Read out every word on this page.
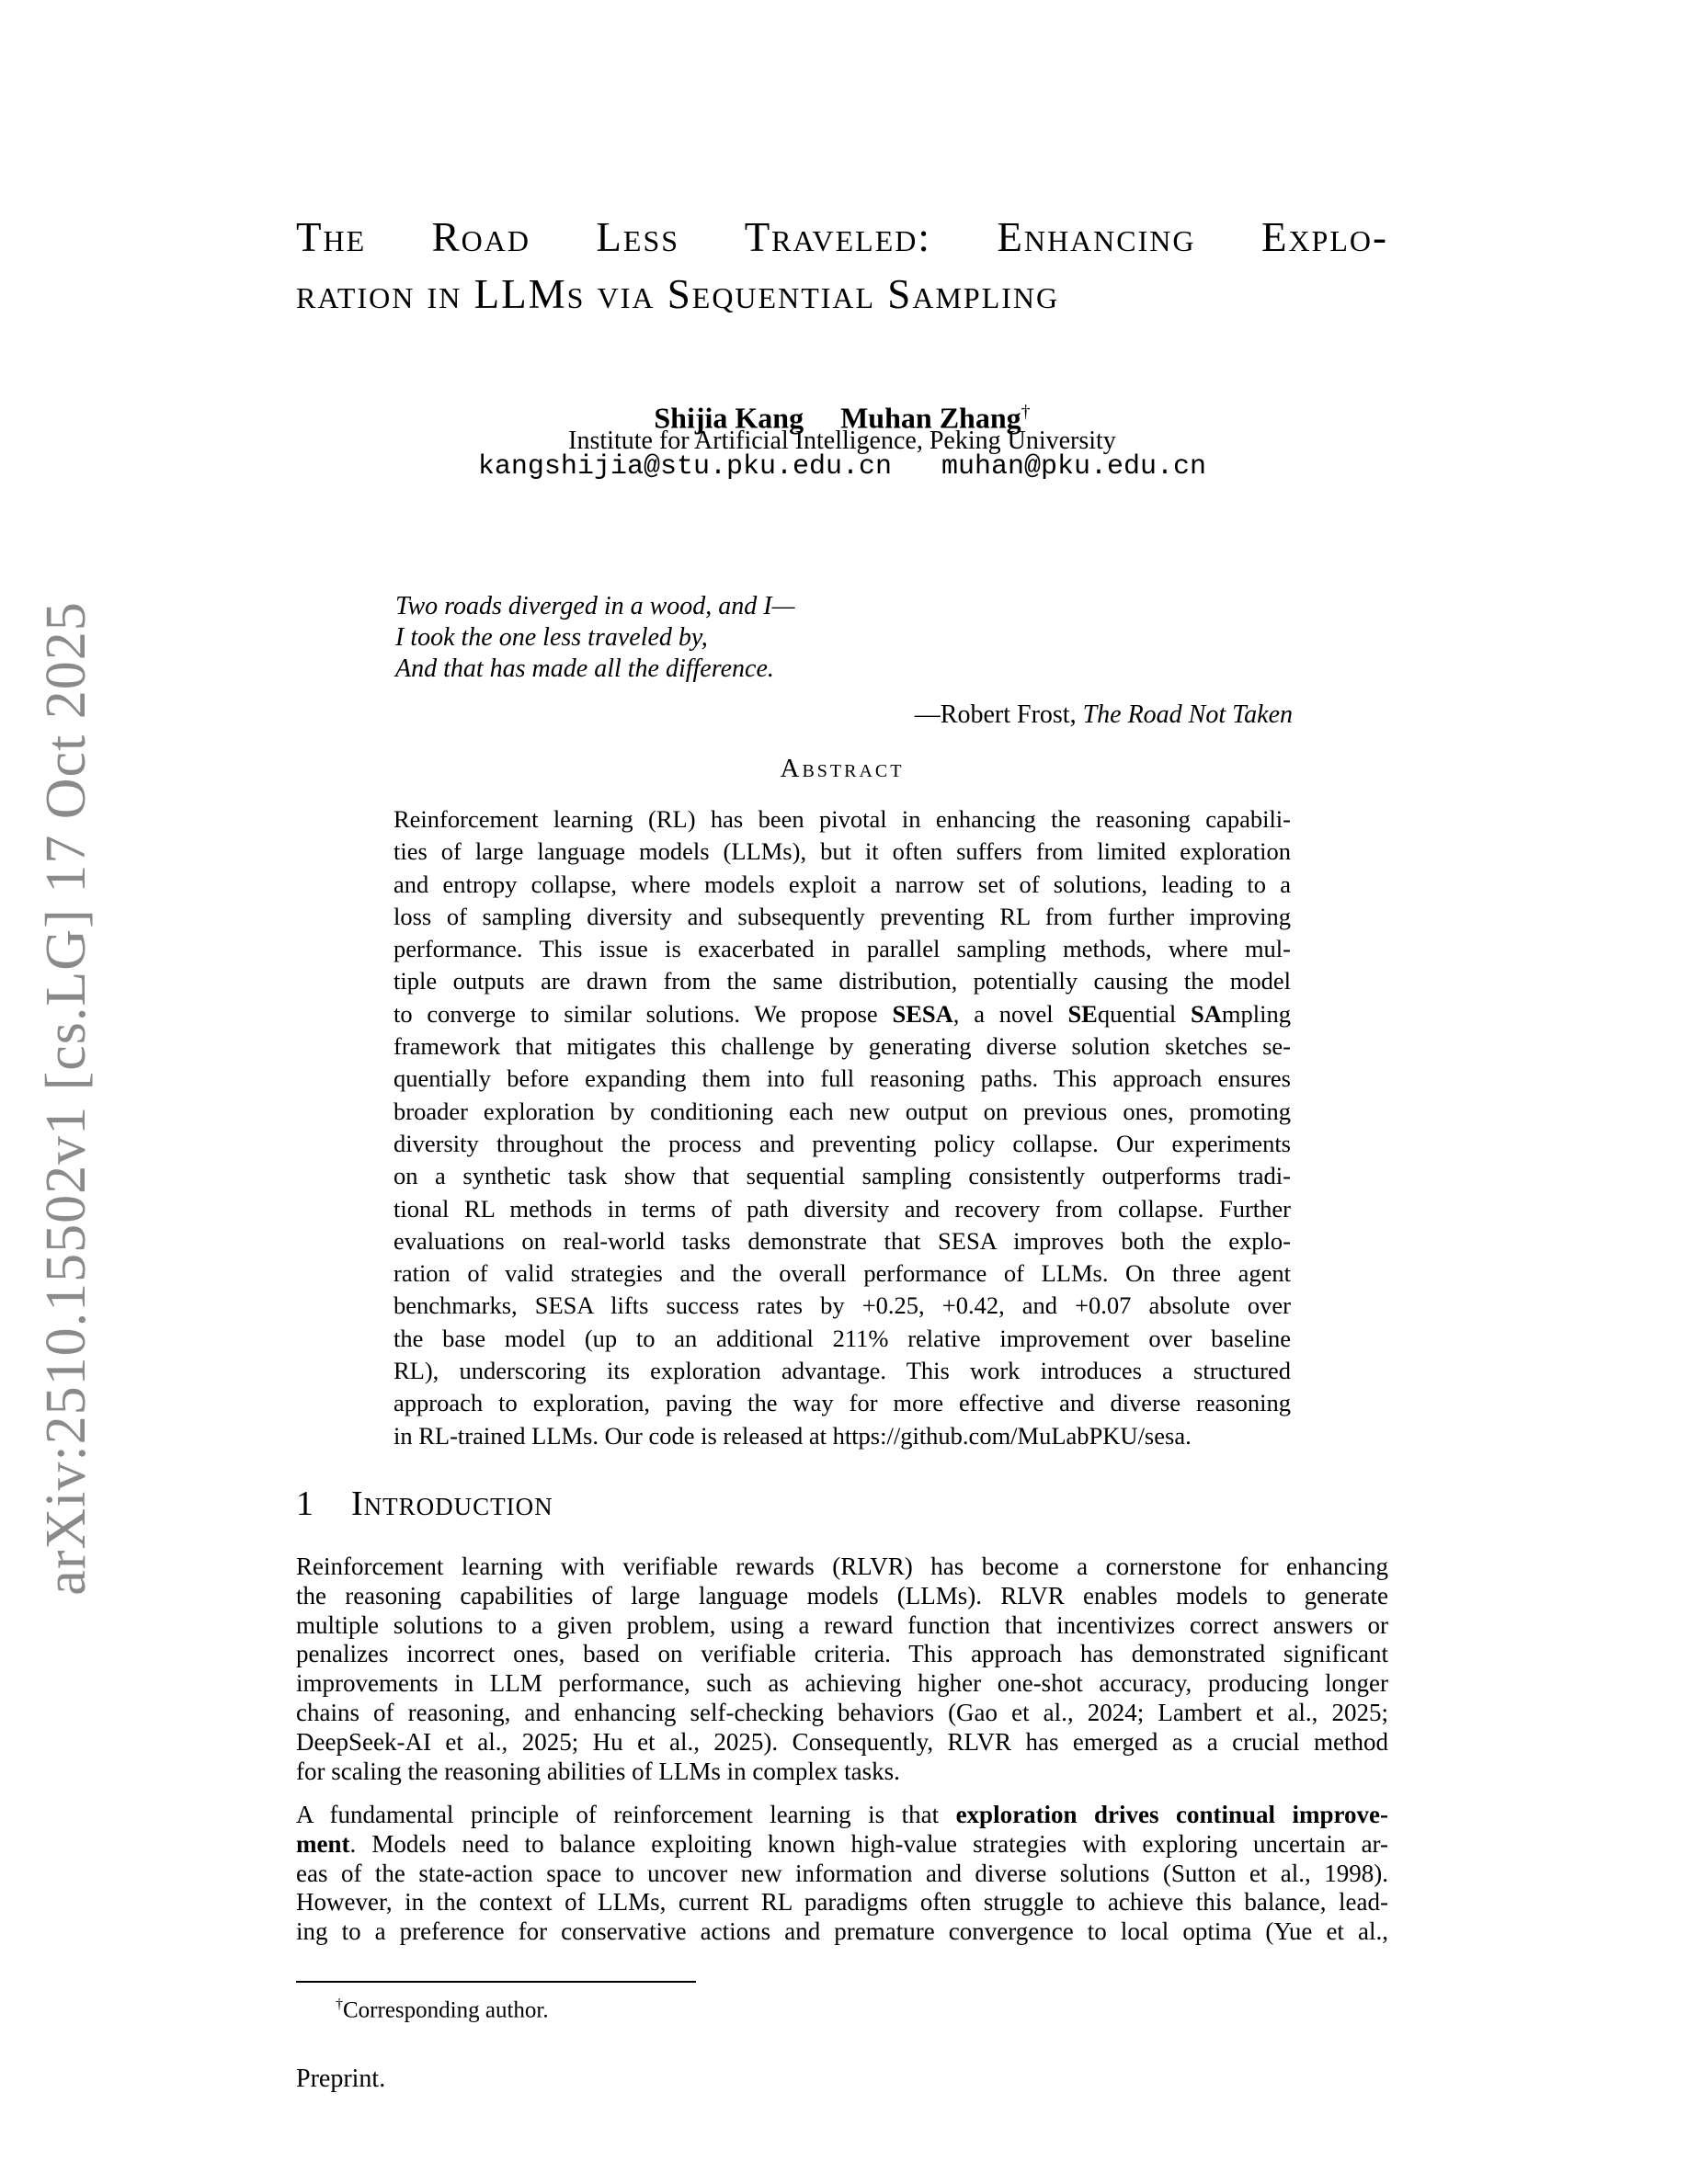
arXiv:2510.15502v1 [cs.LG] 17 Oct 2025
The Road Less Traveled: Enhancing Explo-
ration in LLMs via Sequential Sampling
Shijia Kang     Muhan Zhang†
Institute for Artificial Intelligence, Peking University
kangshijia@stu.pku.edu.cn   muhan@pku.edu.cn
Two roads diverged in a wood, and I—
I took the one less traveled by,
And that has made all the difference.
—Robert Frost, The Road Not Taken
Abstract
Reinforcement learning (RL) has been pivotal in enhancing the reasoning capabili-
ties of large language models (LLMs), but it often suffers from limited exploration
and entropy collapse, where models exploit a narrow set of solutions, leading to a
loss of sampling diversity and subsequently preventing RL from further improving
performance. This issue is exacerbated in parallel sampling methods, where mul-
tiple outputs are drawn from the same distribution, potentially causing the model
to converge to similar solutions. We propose SESA, a novel SEquential SAmpling
framework that mitigates this challenge by generating diverse solution sketches se-
quentially before expanding them into full reasoning paths. This approach ensures
broader exploration by conditioning each new output on previous ones, promoting
diversity throughout the process and preventing policy collapse. Our experiments
on a synthetic task show that sequential sampling consistently outperforms tradi-
tional RL methods in terms of path diversity and recovery from collapse. Further
evaluations on real-world tasks demonstrate that SESA improves both the explo-
ration of valid strategies and the overall performance of LLMs. On three agent
benchmarks, SESA lifts success rates by +0.25, +0.42, and +0.07 absolute over
the base model (up to an additional 211% relative improvement over baseline
RL), underscoring its exploration advantage. This work introduces a structured
approach to exploration, paving the way for more effective and diverse reasoning
in RL-trained LLMs. Our code is released at https://github.com/MuLabPKU/sesa.
1 Introduction
Reinforcement learning with verifiable rewards (RLVR) has become a cornerstone for enhancing
the reasoning capabilities of large language models (LLMs). RLVR enables models to generate
multiple solutions to a given problem, using a reward function that incentivizes correct answers or
penalizes incorrect ones, based on verifiable criteria. This approach has demonstrated significant
improvements in LLM performance, such as achieving higher one-shot accuracy, producing longer
chains of reasoning, and enhancing self-checking behaviors (Gao et al., 2024; Lambert et al., 2025;
DeepSeek-AI et al., 2025; Hu et al., 2025). Consequently, RLVR has emerged as a crucial method
for scaling the reasoning abilities of LLMs in complex tasks.
A fundamental principle of reinforcement learning is that exploration drives continual improve-
ment. Models need to balance exploiting known high-value strategies with exploring uncertain ar-
eas of the state-action space to uncover new information and diverse solutions (Sutton et al., 1998).
However, in the context of LLMs, current RL paradigms often struggle to achieve this balance, lead-
ing to a preference for conservative actions and premature convergence to local optima (Yue et al.,
†Corresponding author.
Preprint.
